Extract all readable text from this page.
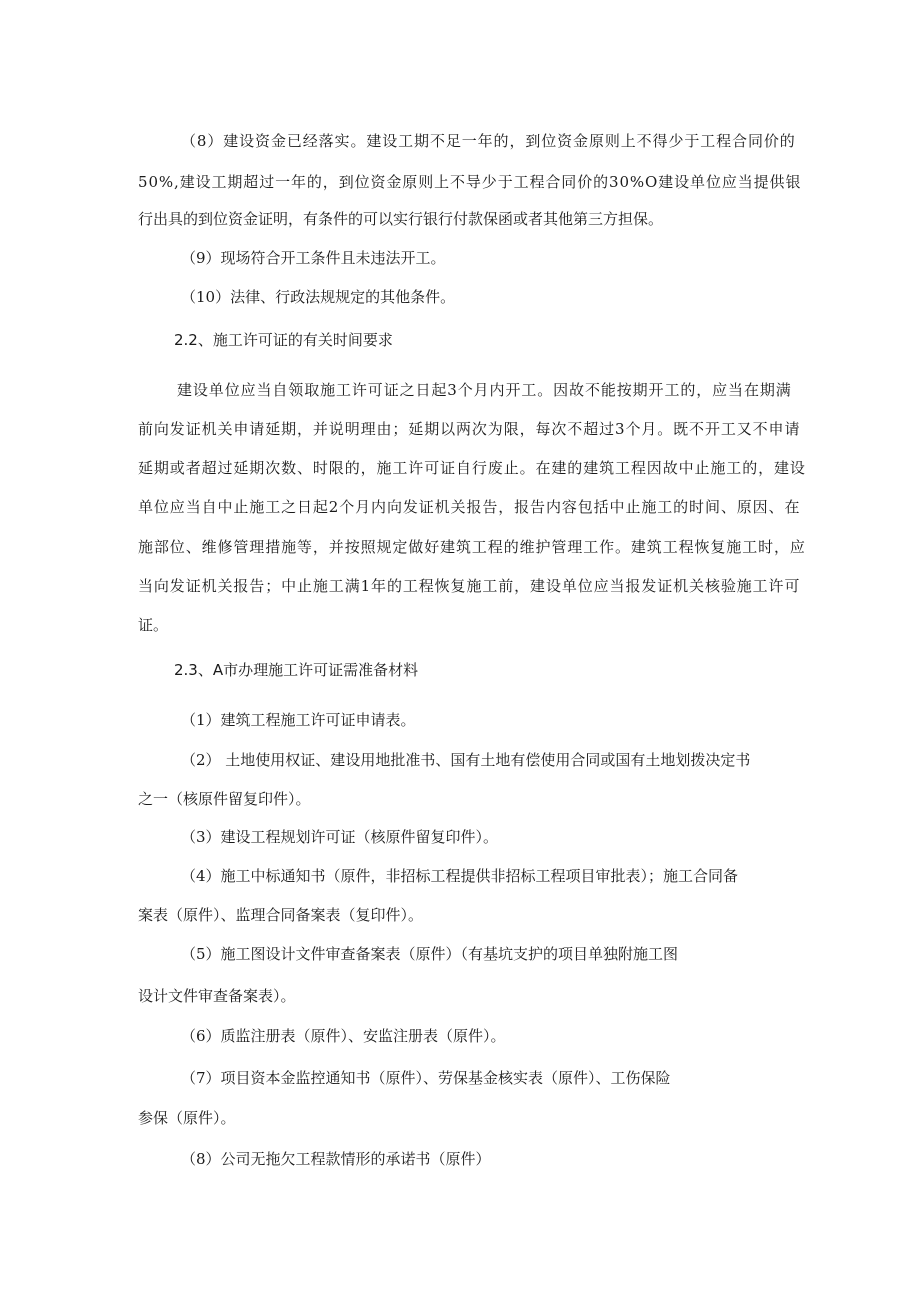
（8）建设资金已经落实。建设工期不足一年的，到位资金原则上不得少于工程合同价的
50%,建设工期超过一年的，到位资金原则上不导少于工程合同价的30%O建设单位应当提供银
行出具的到位资金证明，有条件的可以实行银行付款保函或者其他第三方担保。
（9）现场符合开工条件且未违法开工。
（10）法律、行政法规规定的其他条件。
2.2、施工许可证的有关时间要求
建设单位应当自领取施工许可证之日起3个月内开工。因故不能按期开工的，应当在期满
前向发证机关申请延期，并说明理由；延期以两次为限，每次不超过3个月。既不开工又不申请
延期或者超过延期次数、时限的，施工许可证自行废止。在建的建筑工程因故中止施工的，建设
单位应当自中止施工之日起2个月内向发证机关报告，报告内容包括中止施工的时间、原因、在
施部位、维修管理措施等，并按照规定做好建筑工程的维护管理工作。建筑工程恢复施工时，应
当向发证机关报告；中止施工满1年的工程恢复施工前，建设单位应当报发证机关核验施工许可
证。
2.3、A市办理施工许可证需准备材料
（1）建筑工程施工许可证申请表。
（2） 土地使用权证、建设用地批准书、国有土地有偿使用合同或国有土地划拨决定书
之一（核原件留复印件）。
（3）建设工程规划许可证（核原件留复印件）。
（4）施工中标通知书（原件，非招标工程提供非招标工程项目审批表）；施工合同备
案表（原件）、监理合同备案表（复印件）。
（5）施工图设计文件审查备案表（原件）（有基坑支护的项目单独附施工图
设计文件审查备案表）。
（6）质监注册表（原件）、安监注册表（原件）。
（7）项目资本金监控通知书（原件）、劳保基金核实表（原件）、工伤保险
参保（原件）。
（8）公司无拖欠工程款情形的承诺书（原件）
